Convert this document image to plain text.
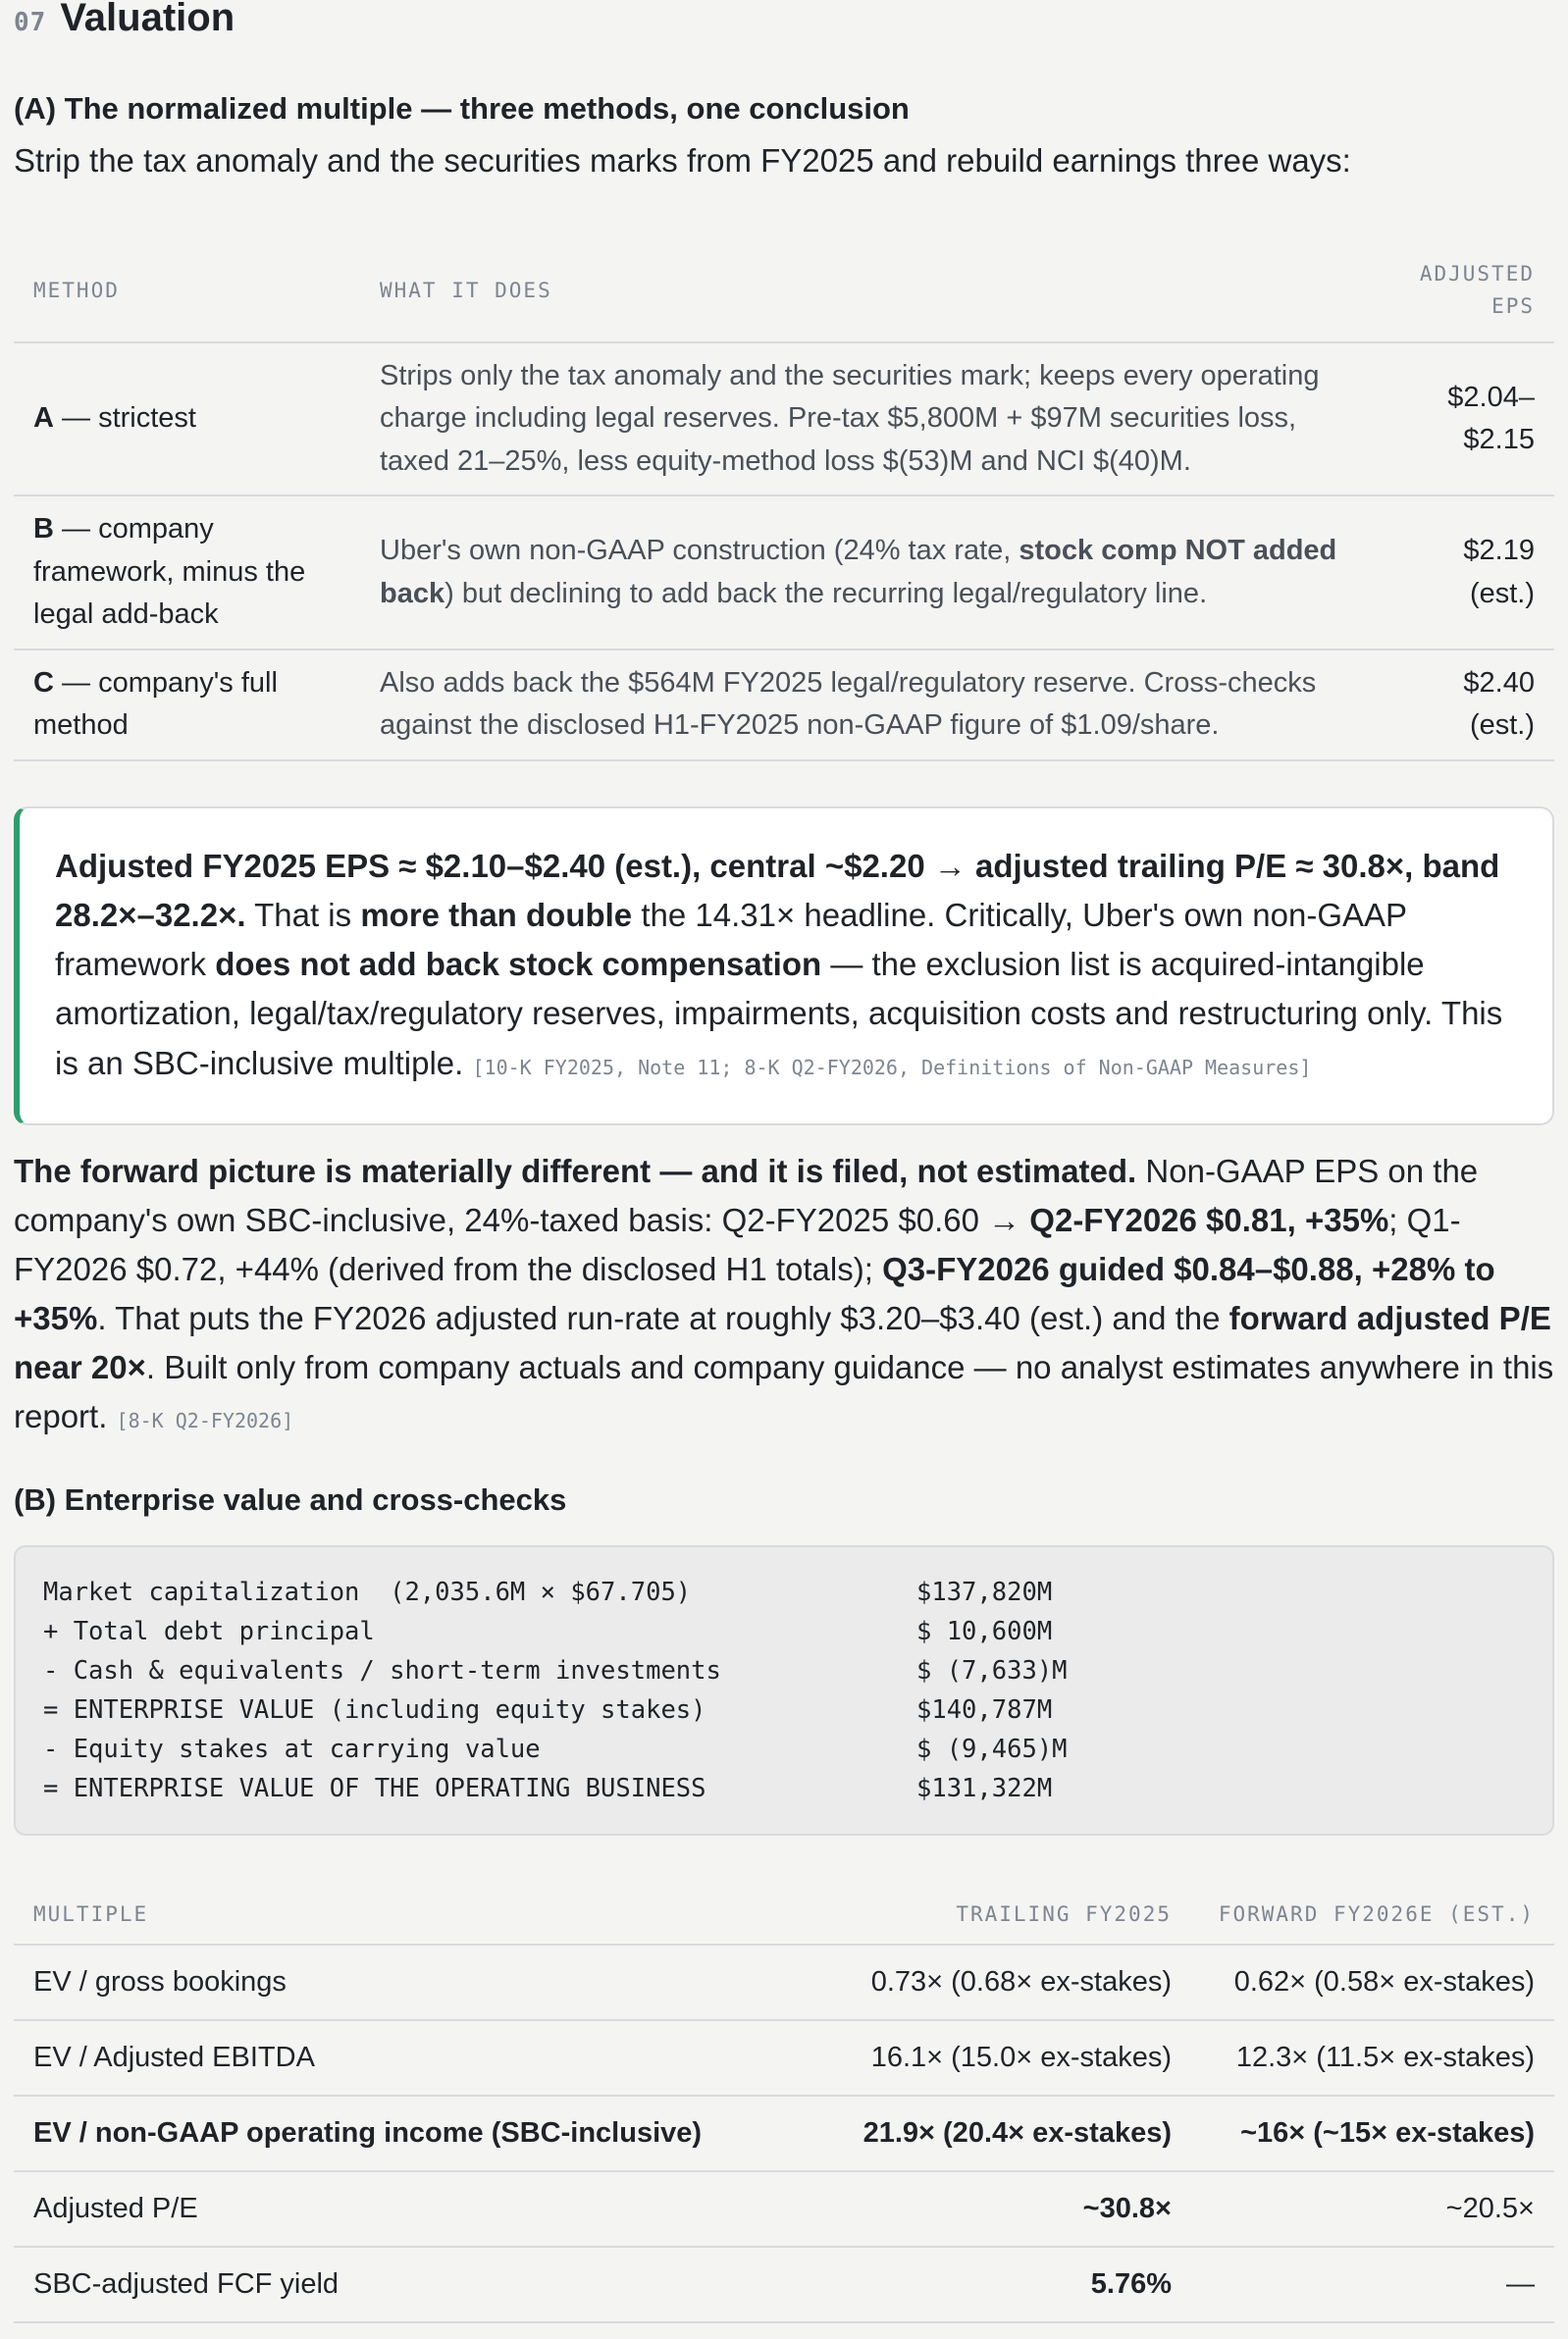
07 Valuation
(A) The normalized multiple — three methods, one conclusion

Strip the tax anomaly and the securities marks from FY2025 and rebuild earnings three ways:

METHOD	WHAT IT DOES	ADJUSTED
EPS
A — strictest	Strips only the tax anomaly and the securities mark; keeps every operating charge including legal reserves. Pre-tax $5,800M + $97M securities loss, taxed 21–25%, less equity-method loss $(53)M and NCI $(40)M.	$2.04–$2.15
B — company framework, minus the legal add-back	Uber's own non-GAAP construction (24% tax rate, stock comp NOT added back) but declining to add back the recurring legal/regulatory line.	$2.19 (est.)
C — company's full method	Also adds back the $564M FY2025 legal/regulatory reserve. Cross-checks against the disclosed H1-FY2025 non-GAAP figure of $1.09/share.	$2.40 (est.)
Adjusted FY2025 EPS ≈ $2.10–$2.40 (est.), central ~$2.20 → adjusted trailing P/E ≈ 30.8×, band 28.2×–32.2×. That is more than double the 14.31× headline. Critically, Uber's own non-GAAP framework does not add back stock compensation — the exclusion list is acquired-intangible amortization, legal/tax/regulatory reserves, impairments, acquisition costs and restructuring only. This is an SBC-inclusive multiple. [10-K FY2025, Note 11; 8-K Q2-FY2026, Definitions of Non-GAAP Measures]

The forward picture is materially different — and it is filed, not estimated. Non-GAAP EPS on the company's own SBC-inclusive, 24%-taxed basis: Q2-FY2025 $0.60 → Q2-FY2026 $0.81, +35%; Q1-FY2026 $0.72, +44% (derived from the disclosed H1 totals); Q3-FY2026 guided $0.84–$0.88, +28% to +35%. That puts the FY2026 adjusted run-rate at roughly $3.20–$3.40 (est.) and the forward adjusted P/E near 20×. Built only from company actuals and company guidance — no analyst estimates anywhere in this report. [8-K Q2-FY2026]

(B) Enterprise value and cross-checks
Market capitalization  (2,035.6M × $67.705)	$137,820M
+ Total debt principal	$ 10,600M
- Cash & equivalents / short-term investments	$ (7,633)M
= ENTERPRISE VALUE (including equity stakes)	$140,787M
- Equity stakes at carrying value	$ (9,465)M
= ENTERPRISE VALUE OF THE OPERATING BUSINESS	$131,322M
MULTIPLE	TRAILING FY2025	FORWARD FY2026E (EST.)
EV / gross bookings	0.73× (0.68× ex-stakes)	0.62× (0.58× ex-stakes)
EV / Adjusted EBITDA	16.1× (15.0× ex-stakes)	12.3× (11.5× ex-stakes)
EV / non-GAAP operating income (SBC-inclusive)	21.9× (20.4× ex-stakes)	~16× (~15× ex-stakes)
Adjusted P/E	~30.8×	~20.5×
SBC-adjusted FCF yield	5.76%	—
